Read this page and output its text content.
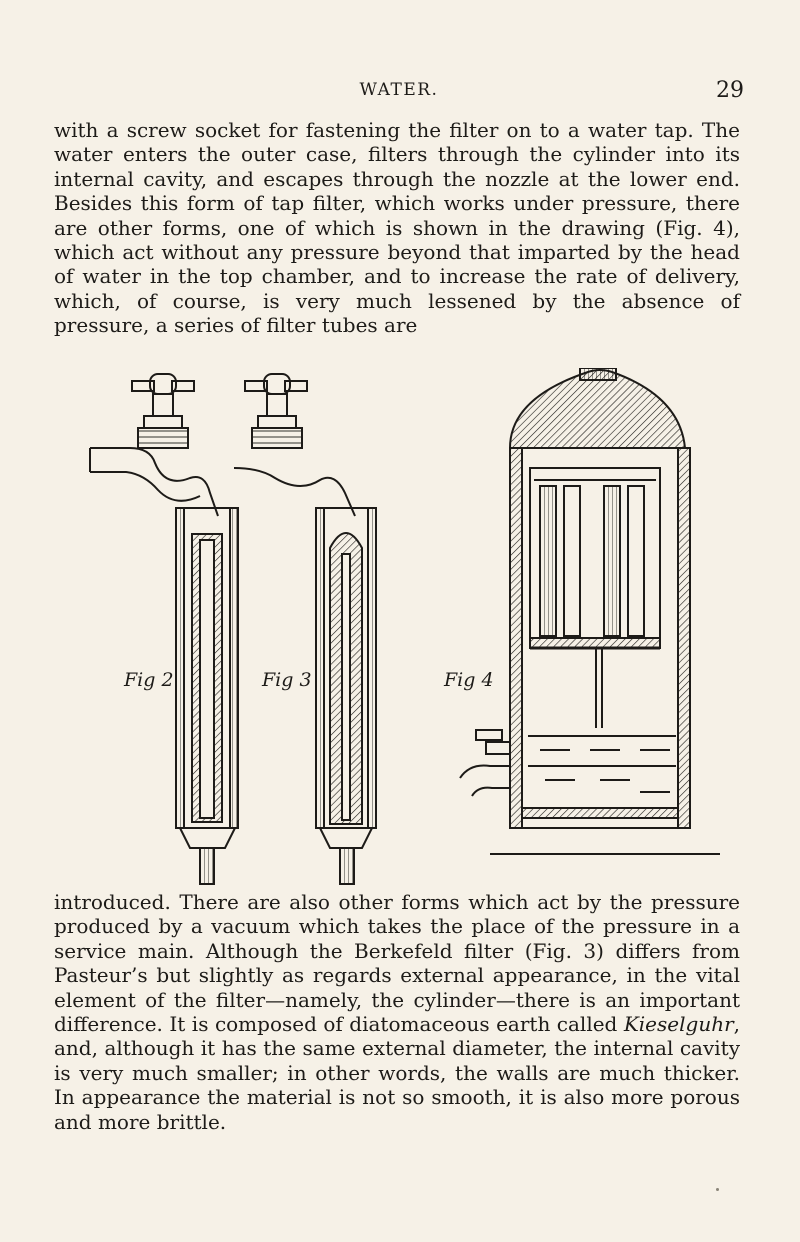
WATER.	29

with a screw socket for fastening the filter on to a water tap. The water enters the outer case, filters through the cylinder into its internal cavity, and escapes through the nozzle at the lower end. Besides this form of tap filter, which works under pressure, there are other forms, one of which is shown in the drawing (Fig. 4), which act without any pressure beyond that imparted by the head of water in the top chamber, and to increase the rate of delivery, which, of course, is very much lessened by the absence of pressure, a series of filter tubes are

Fig 2	Fig 3	Fig 4

introduced. There are also other forms which act by the pressure produced by a vacuum which takes the place of the pressure in a service main. Although the Berkefeld filter (Fig. 3) differs from Pasteur’s but slightly as regards external appearance, in the vital element of the filter—namely, the cylinder—there is an important difference. It is composed of diatomaceous earth called Kieselguhr, and, although it has the same external diameter, the internal cavity is very much smaller; in other words, the walls are much thicker. In appearance the material is not so smooth, it is also more porous and more brittle.
